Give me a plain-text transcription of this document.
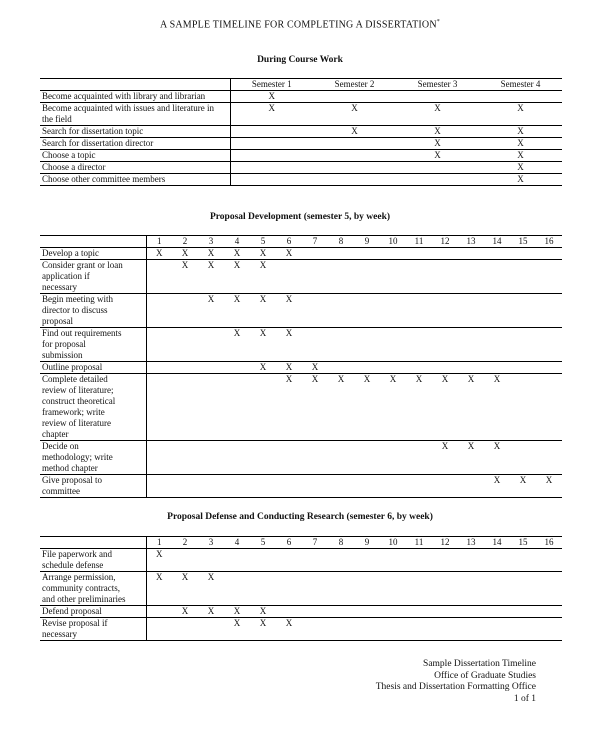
A SAMPLE TIMELINE FOR COMPLETING A DISSERTATION*
During Course Work
	Semester 1	Semester 2	Semester 3	Semester 4
Become acquainted with library and librarian	X			
Become acquainted with issues and literature in the field	X	X	X	X
Search for dissertation topic		X	X	X
Search for dissertation director			X	X
Choose a topic			X	X
Choose a director				X
Choose other committee members				X
Proposal Development (semester 5, by week)
	1	2	3	4	5	6	7	8	9	10	11	12	13	14	15	16
Develop a topic	X	X	X	X	X	X										
Consider grant or loan application if necessary		X	X	X	X											
Begin meeting with director to discuss proposal			X	X	X	X										
Find out requirements for proposal submission				X	X	X										
Outline proposal					X	X	X									
Complete detailed review of literature; construct theoretical framework; write review of literature chapter						X	X	X	X	X	X	X	X	X		
Decide on methodology; write method chapter												X	X	X		
Give proposal to committee														X	X	X
Proposal Defense and Conducting Research (semester 6, by week)
	1	2	3	4	5	6	7	8	9	10	11	12	13	14	15	16
File paperwork and schedule defense	X															
Arrange permission, community contracts, and other preliminaries	X	X	X													
Defend proposal		X	X	X	X											
Revise proposal if necessary				X	X	X										
Sample Dissertation Timeline
Office of Graduate Studies
Thesis and Dissertation Formatting Office
1 of 1
